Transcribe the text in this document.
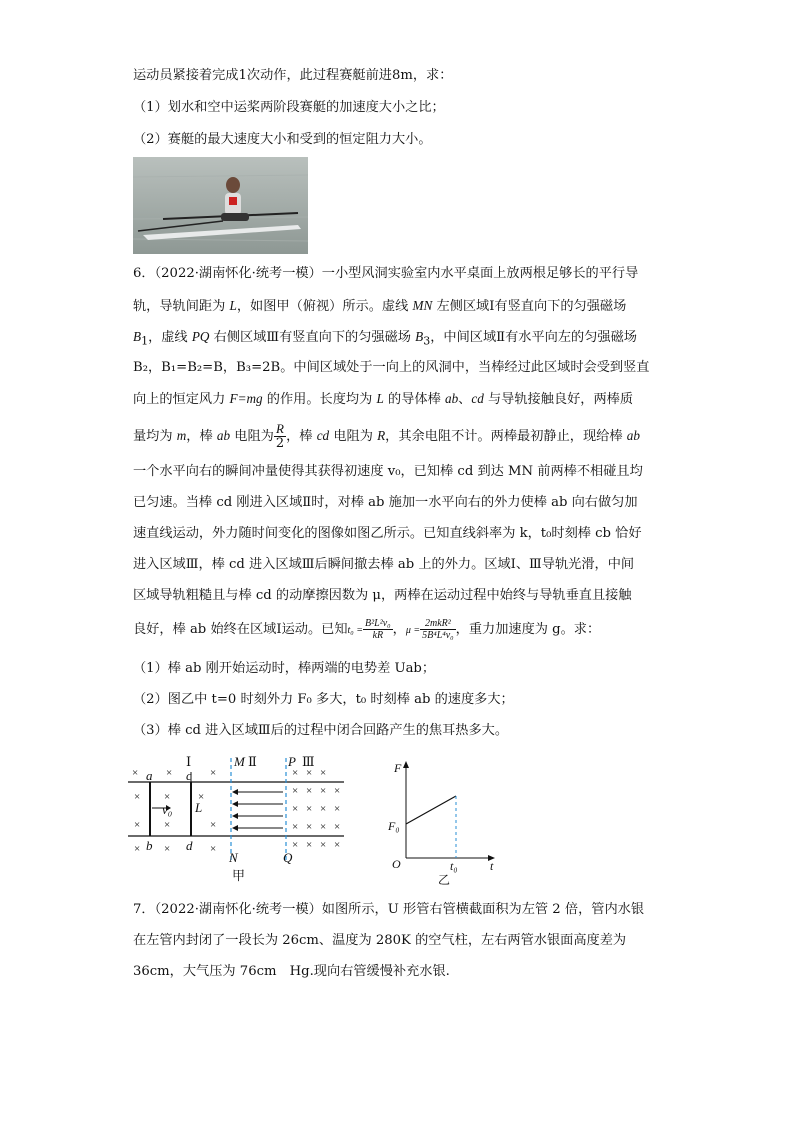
运动员紧接着完成1次动作，此过程赛艇前进8m，求：
（1）划水和空中运桨两阶段赛艇的加速度大小之比；
（2）赛艇的最大速度大小和受到的恒定阻力大小。
6．（2022·湖南怀化·统考一模）一小型风洞实验室内水平桌面上放两根足够长的平行导
轨，导轨间距为 L，如图甲（俯视）所示。虚线 MN 左侧区域Ⅰ有竖直向下的匀强磁场
$B_1$，虚线 PQ 右侧区域Ⅲ有竖直向下的匀强磁场 $B_3$，中间区域Ⅱ有水平向左的匀强磁场
B₂，B₁=B₂=B，B₃=2B。中间区域处于一向上的风洞中，当棒经过此区域时会受到竖直
向上的恒定风力 F=mg 的作用。长度均为 L 的导体棒 ab、cd 与导轨接触良好，两棒质
量均为 m，棒 ab 电阻为 $\frac{R}{2}$ ，棒 cd 电阻为 R，其余电阻不计。两棒最初静止，现给棒 ab
一个水平向右的瞬间冲量使得其获得初速度 v₀，已知棒 cd 到达 MN 前两棒不相碰且均
已匀速。当棒 cd 刚进入区域Ⅱ时，对棒 ab 施加一水平向右的外力使棒 ab 向右做匀加
速直线运动，外力随时间变化的图像如图乙所示。已知直线斜率为 k，t₀时刻棒 cb 恰好
进入区域Ⅲ，棒 cd 进入区域Ⅲ后瞬间撤去棒 ab 上的外力。区域Ⅰ、Ⅲ导轨光滑，中间
区域导轨粗糙且与棒 cd 的动摩擦因数为 μ，两棒在运动过程中始终与导轨垂直且接触
良好，棒 ab 始终在区域Ⅰ运动。已知$t_0 = \frac{\text{B²L²v₀}}{kR}$ ，$\mu = \frac{\text{2mkR²}}{\text{5B⁴L⁴v₀}}$ ，重力加速度为 g。求：
（1）棒 ab 刚开始运动时，棒两端的电势差 Uab；
（2）图乙中 t=0 时刻外力 F₀ 多大，t₀ 时刻棒 ab 的速度多大；
（3）棒 cd 进入区域Ⅲ后的过程中闭合回路产生的焦耳热多大。
×	×	×
× ×	×
× ×	×
× ×	×
× × ×
× × × ×
× × × ×
× × × ×
× × × ×
Ⅰ	M Ⅱ P Ⅲ
a	c
v₀ L
b	d
N	Q
甲
F
F₀
O	t₀	t
乙
7．（2022·湖南怀化·统考一模）如图所示，U 形管右管横截面积为左管 2 倍，管内水银
在左管内封闭了一段长为 26cm、温度为 280K 的空气柱，左右两管水银面高度差为
36cm，大气压为 76cm　Hg.现向右管缓慢补充水银.
